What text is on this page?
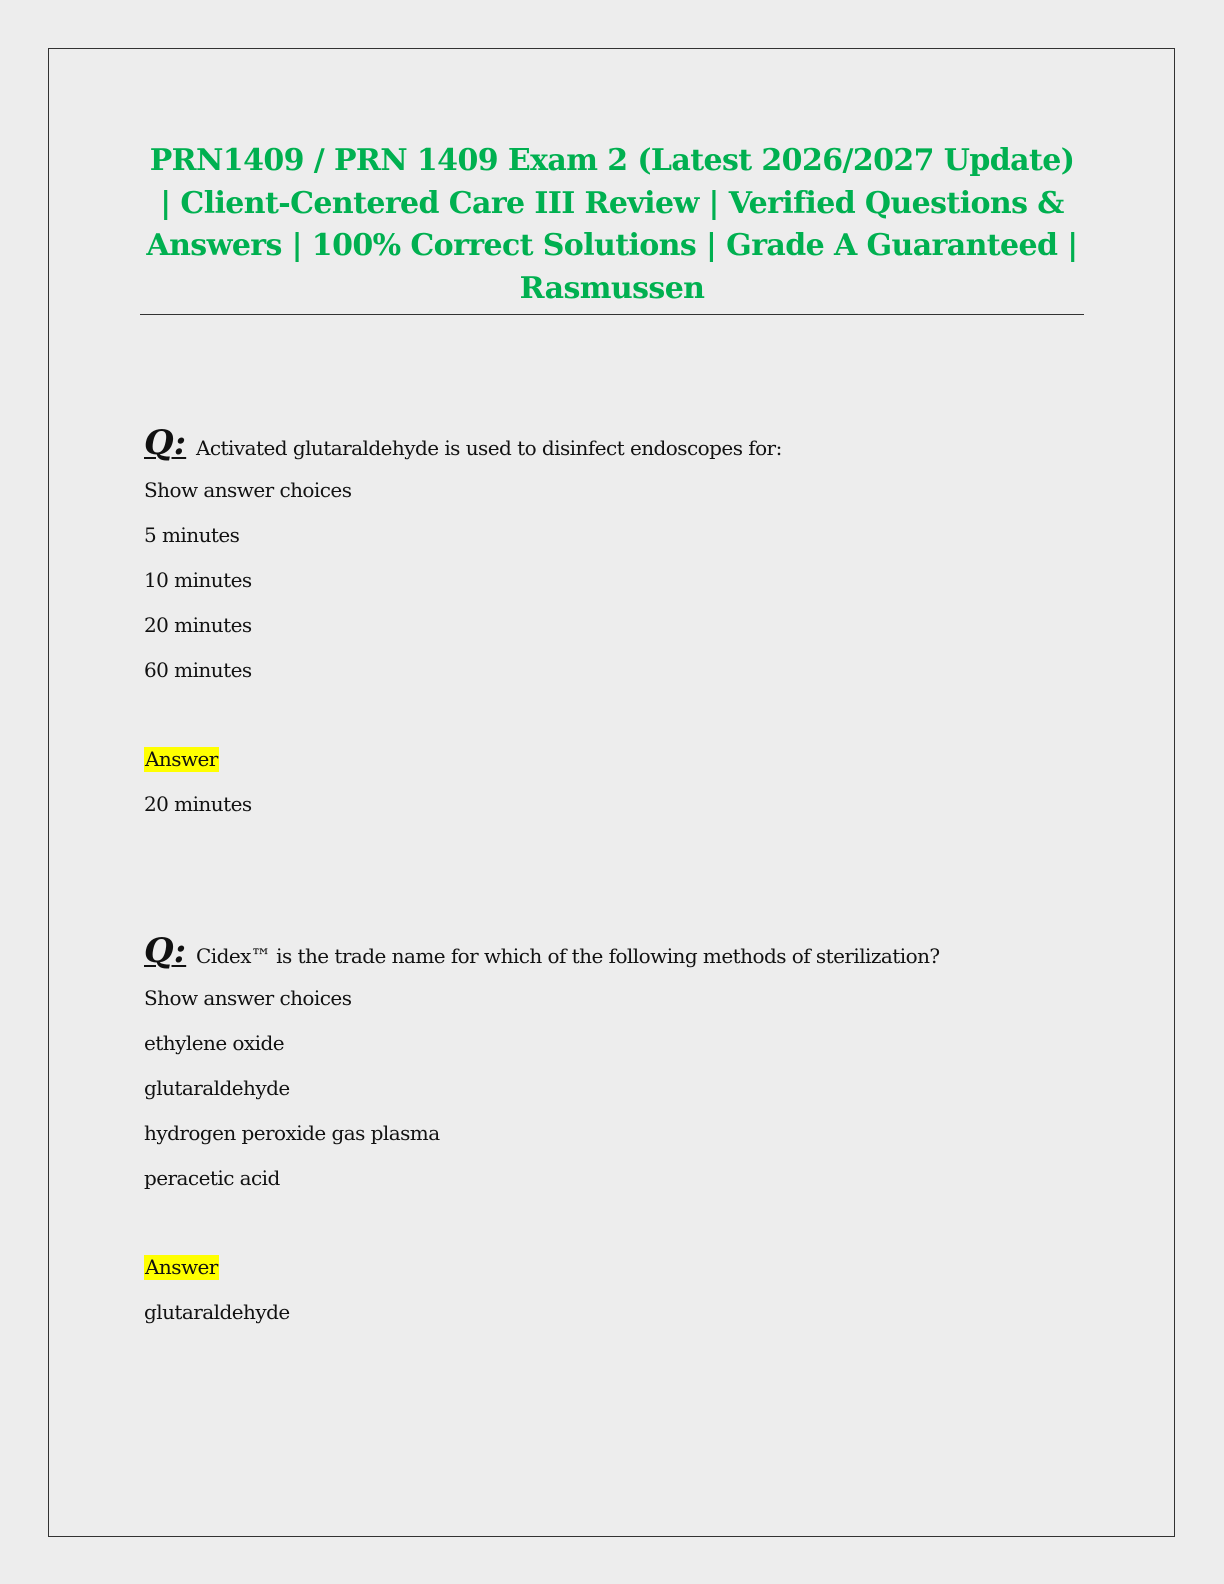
PRN1409 / PRN 1409 Exam 2 (Latest 2026/2027 Update) | Client-Centered Care III Review | Verified Questions & Answers | 100% Correct Solutions | Grade A Guaranteed | Rasmussen
Q: Activated glutaraldehyde is used to disinfect endoscopes for:
Show answer choices
5 minutes
10 minutes
20 minutes
60 minutes
Answer
20 minutes
Q: Cidex™ is the trade name for which of the following methods of sterilization?
Show answer choices
ethylene oxide
glutaraldehyde
hydrogen peroxide gas plasma
peracetic acid
Answer
glutaraldehyde
